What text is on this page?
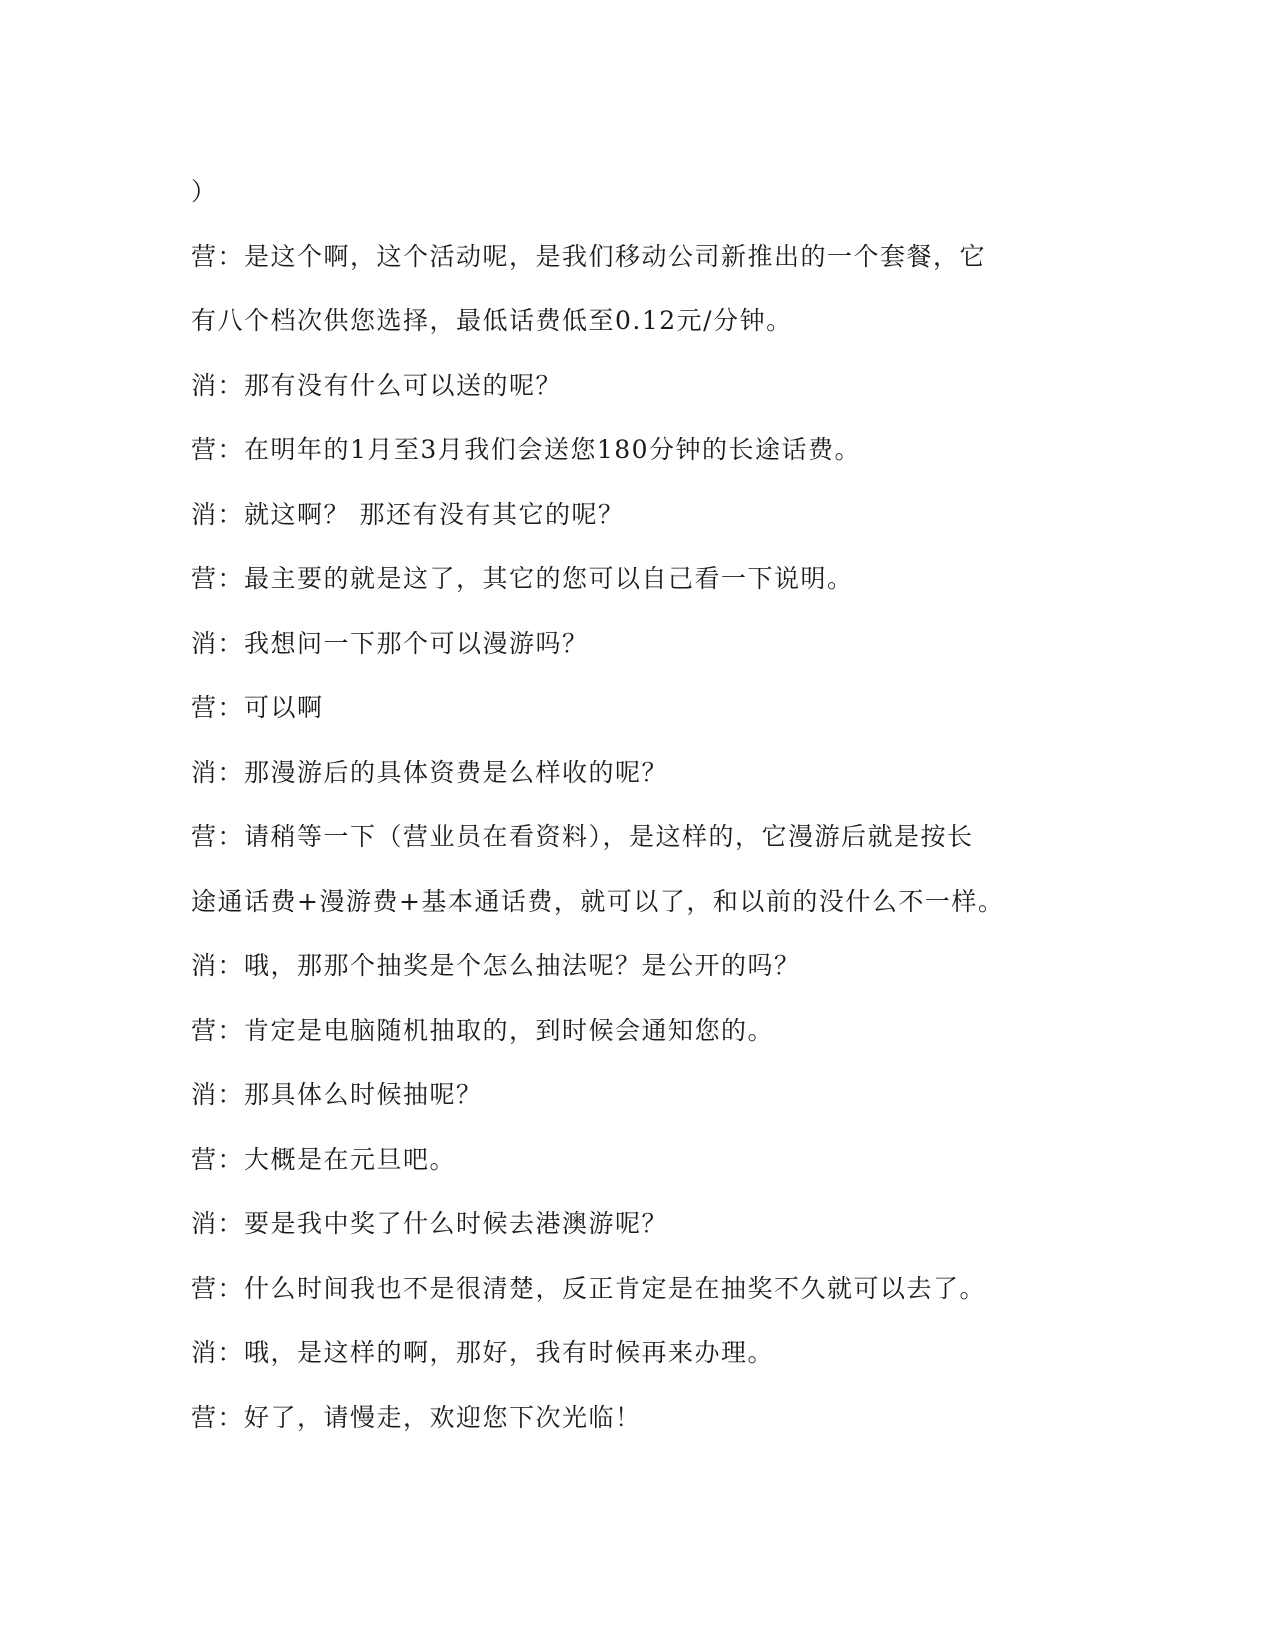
）
营：是这个啊，这个活动呢，是我们移动公司新推出的一个套餐，它
有八个档次供您选择，最低话费低至0.12元/分钟。
消：那有没有什么可以送的呢？
营：在明年的1月至3月我们会送您180分钟的长途话费。
消：就这啊？ 那还有没有其它的呢？
营：最主要的就是这了，其它的您可以自己看一下说明。
消：我想问一下那个可以漫游吗？
营：可以啊
消：那漫游后的具体资费是么样收的呢？
营：请稍等一下（营业员在看资料），是这样的，它漫游后就是按长
途通话费+漫游费+基本通话费，就可以了，和以前的没什么不一样。
消：哦，那那个抽奖是个怎么抽法呢？是公开的吗？
营：肯定是电脑随机抽取的，到时候会通知您的。
消：那具体么时候抽呢？
营：大概是在元旦吧。
消：要是我中奖了什么时候去港澳游呢？
营：什么时间我也不是很清楚，反正肯定是在抽奖不久就可以去了。
消：哦，是这样的啊，那好，我有时候再来办理。
营：好了，请慢走，欢迎您下次光临！
